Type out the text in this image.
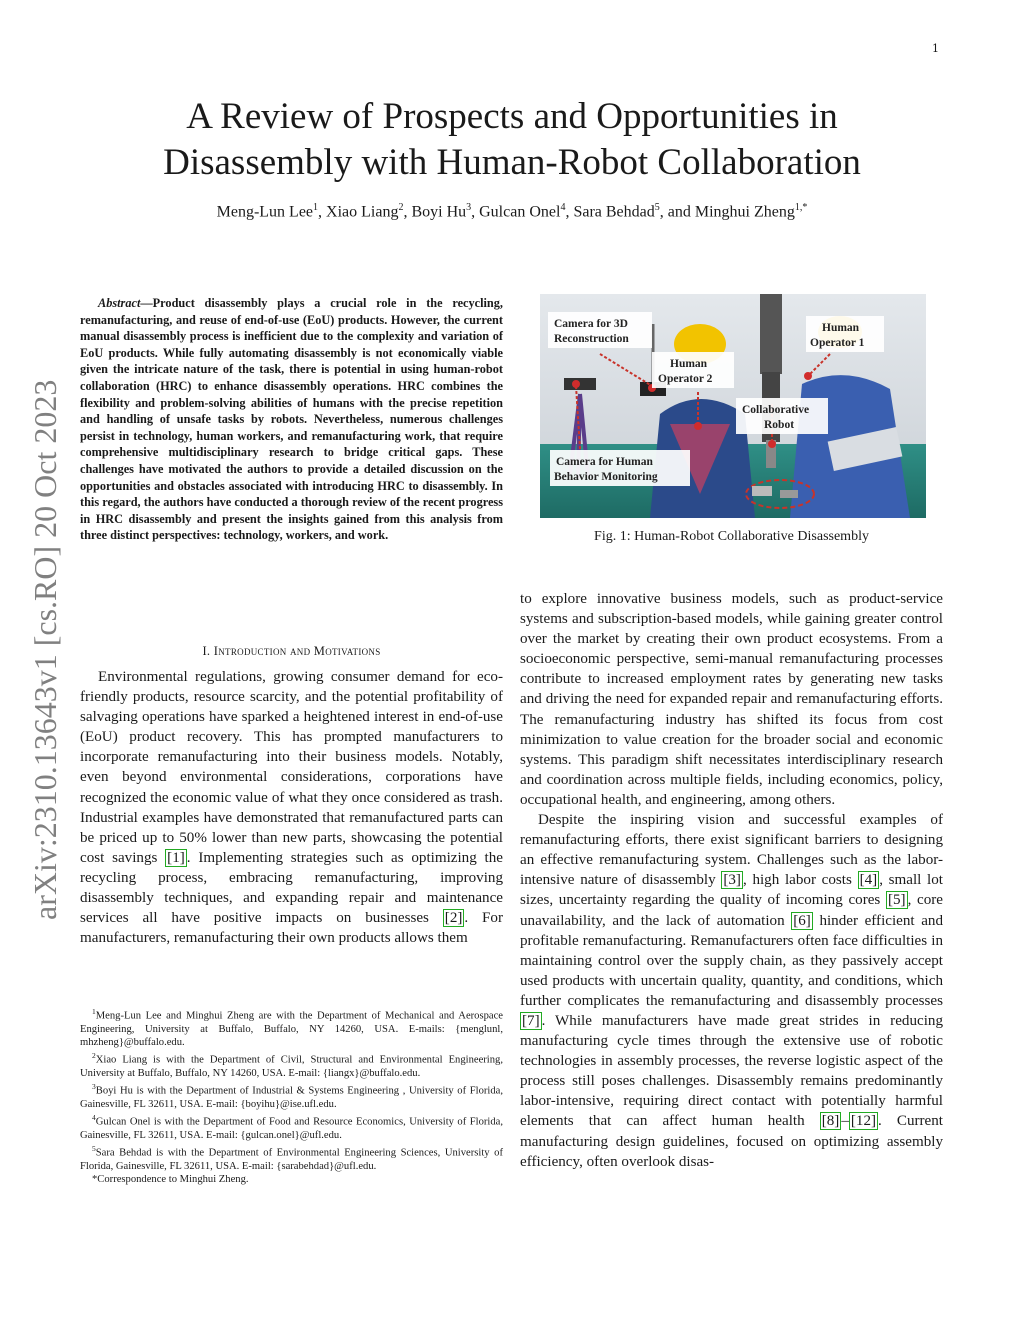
1
arXiv:2310.13643v1 [cs.RO] 20 Oct 2023
A Review of Prospects and Opportunities in
Disassembly with Human-Robot Collaboration
Meng-Lun Lee$^1$, Xiao Liang$^2$, Boyi Hu$^3$, Gulcan Onel$^4$, Sara Behdad$^5$, and Minghui Zheng$^{1,*}$

Abstract—Product disassembly plays a crucial role in the recycling, remanufacturing, and reuse of end-of-use (EoU) products. However, the current manual disassembly process is inefficient due to the complexity and variation of EoU products. While fully automating disassembly is not economically viable given the intricate nature of the task, there is potential in using human-robot collaboration (HRC) to enhance disassembly operations. HRC combines the flexibility and problem-solving abilities of humans with the precise repetition and handling of unsafe tasks by robots. Nevertheless, numerous challenges persist in technology, human workers, and remanufacturing work, that require comprehensive multidisciplinary research to bridge critical gaps. These challenges have motivated the authors to provide a detailed discussion on the opportunities and obstacles associated with introducing HRC to disassembly. In this regard, the authors have conducted a thorough review of the recent progress in HRC disassembly and present the insights gained from this analysis from three distinct perspectives: technology, workers, and work.

I. Introduction and Motivations

Environmental regulations, growing consumer demand for eco-friendly products, resource scarcity, and the potential profitability of salvaging operations have sparked a heightened interest in end-of-use (EoU) product recovery. This has prompted manufacturers to incorporate remanufacturing into their business models. Notably, even beyond environmental considerations, corporations have recognized the economic value of what they once considered as trash. Industrial examples have demonstrated that remanufactured parts can be priced up to 50% lower than new parts, showcasing the potential cost savings [1] . Implementing strategies such as optimizing the recycling process, embracing remanufacturing, improving disassembly techniques, and expanding repair and maintenance services all have positive impacts on businesses [2] . For manufacturers, remanufacturing their own products allows them

$^1$Meng-Lun Lee and Minghui Zheng are with the Department of Mechanical and Aerospace Engineering, University at Buffalo, Buffalo, NY 14260, USA. E-mails: {menglunl, mhzheng}@buffalo.edu.

$^2$Xiao Liang is with the Department of Civil, Structural and Environmental Engineering, University at Buffalo, Buffalo, NY 14260, USA. E-mail: {liangx}@buffalo.edu.

$^3$Boyi Hu is with the Department of Industrial & Systems Engineering , University of Florida, Gainesville, FL 32611, USA. E-mail: {boyihu}@ise.ufl.edu.

$^4$Gulcan Onel is with the Department of Food and Resource Economics, University of Florida, Gainesville, FL 32611, USA. E-mail: {gulcan.onel}@ufl.edu.

$^5$Sara Behdad is with the Department of Environmental Engineering Sciences, University of Florida, Gainesville, FL 32611, USA. E-mail: {sarabehdad}@ufl.edu.

*Correspondence to Minghui Zheng.

Camera for 3D
Reconstruction
Human
Operator 2
Human
Operator 1
Collaborative
Robot
Camera for Human
Behavior Monitoring
Fig. 1: Human-Robot Collaborative Disassembly

to explore innovative business models, such as product-service systems and subscription-based models, while gaining greater control over the market by creating their own product ecosystems. From a socioeconomic perspective, semi-manual remanufacturing processes contribute to increased employment rates by generating new tasks and driving the need for expanded repair and remanufacturing efforts. The remanufacturing industry has shifted its focus from cost minimization to value creation for the broader social and economic systems. This paradigm shift necessitates interdisciplinary research and coordination across multiple fields, including economics, policy, occupational health, and engineering, among others.

Despite the inspiring vision and successful examples of remanufacturing efforts, there exist significant barriers to designing an effective remanufacturing system. Challenges such as the labor-intensive nature of disassembly [3] , high labor costs [4] , small lot sizes, uncertainty regarding the quality of incoming cores [5] , core unavailability, and the lack of automation [6] hinder efficient and profitable remanufacturing. Remanufacturers often face difficulties in maintaining control over the supply chain, as they passively accept used products with uncertain quality, quantity, and conditions, which further complicates the remanufacturing and disassembly processes [7] . While manufacturers have made great strides in reducing manufacturing cycle times through the extensive use of robotic technologies in assembly processes, the reverse logistic aspect of the process still poses challenges. Disassembly remains predominantly labor-intensive, requiring direct contact with potentially harmful elements that can affect human health [8] – [12] . Current manufacturing design guidelines, focused on optimizing assembly efficiency, often overlook disas-
